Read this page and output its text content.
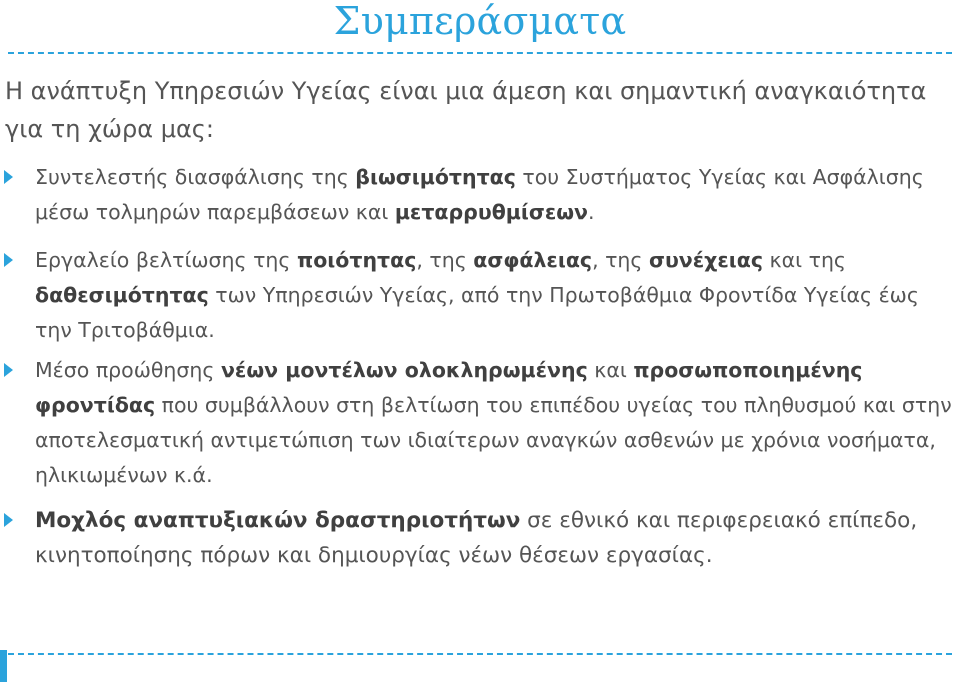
Συμπεράσματα
Η ανάπτυξη Υπηρεσιών Υγείας είναι μια άμεση και σημαντική αναγκαιότητα για τη χώρα μας:
Συντελεστής διασφάλισης της βιωσιμότητας του Συστήματος Υγείας και Ασφάλισης μέσω τολμηρών παρεμβάσεων και μεταρρυθμίσεων.
Εργαλείο βελτίωσης της ποιότητας, της ασφάλειας, της συνέχειας και της δαθεσιμότητας των Υπηρεσιών Υγείας, από την Πρωτοβάθμια Φροντίδα Υγείας έως την Τριτοβάθμια.
Μέσο προώθησης νέων μοντέλων ολοκληρωμένης και προσωποποιημένης φροντίδας που συμβάλλουν στη βελτίωση του επιπέδου υγείας του πληθυσμού και στην αποτελεσματική αντιμετώπιση των ιδιαίτερων αναγκών ασθενών με χρόνια νοσήματα, ηλικιωμένων κ.ά.
Μοχλός αναπτυξιακών δραστηριοτήτων σε εθνικό και περιφερειακό επίπεδο, κινητοποίησης πόρων και δημιουργίας νέων θέσεων εργασίας.
